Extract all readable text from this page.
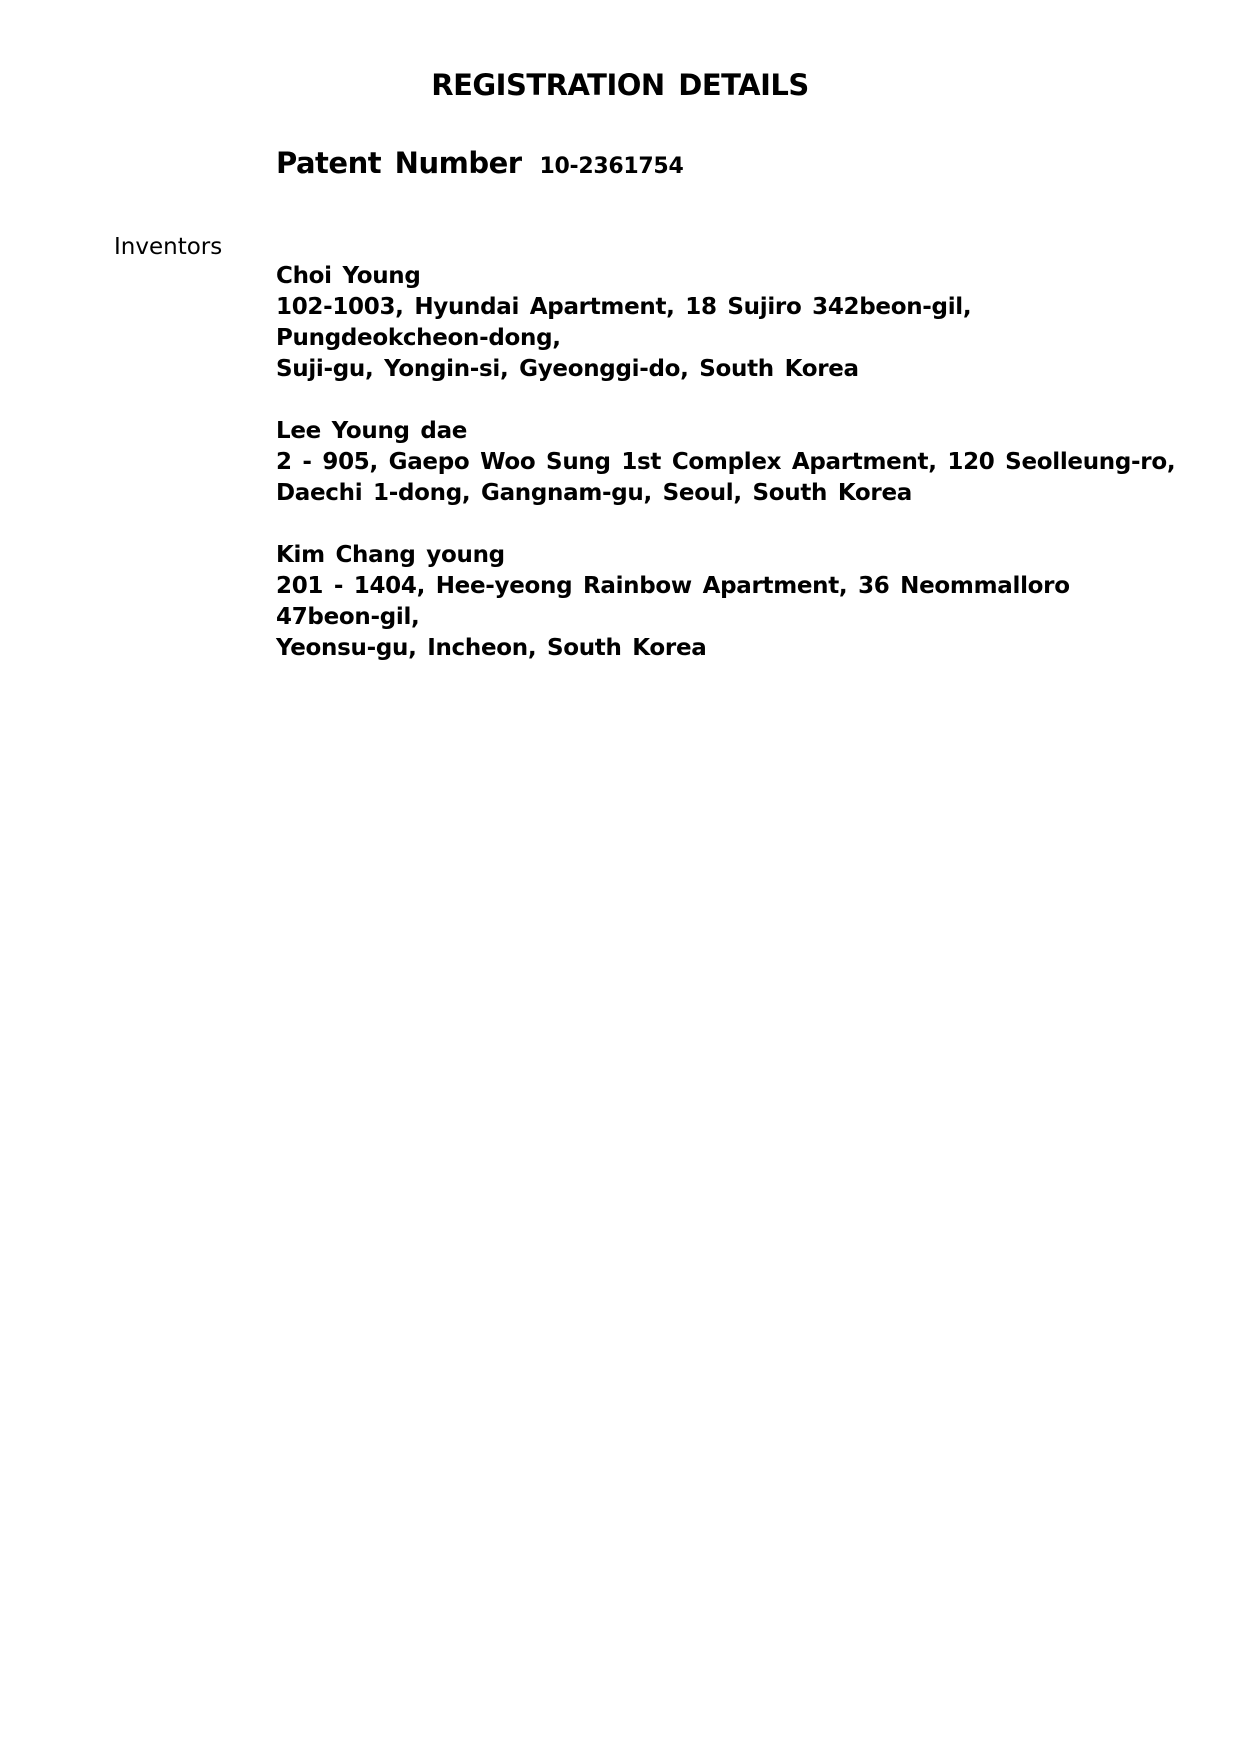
REGISTRATION DETAILS
Patent Number 10-2361754
Inventors
Choi Young
102-1003, Hyundai Apartment, 18 Sujiro 342beon-gil, Pungdeokcheon-dong,
Suji-gu, Yongin-si, Gyeonggi-do, South Korea
Lee Young dae
2 - 905, Gaepo Woo Sung 1st Complex Apartment, 120 Seolleung-ro,
Daechi 1-dong, Gangnam-gu, Seoul, South Korea
Kim Chang young
201 - 1404, Hee-yeong Rainbow Apartment, 36 Neommalloro 47beon-gil,
Yeonsu-gu, Incheon, South Korea
